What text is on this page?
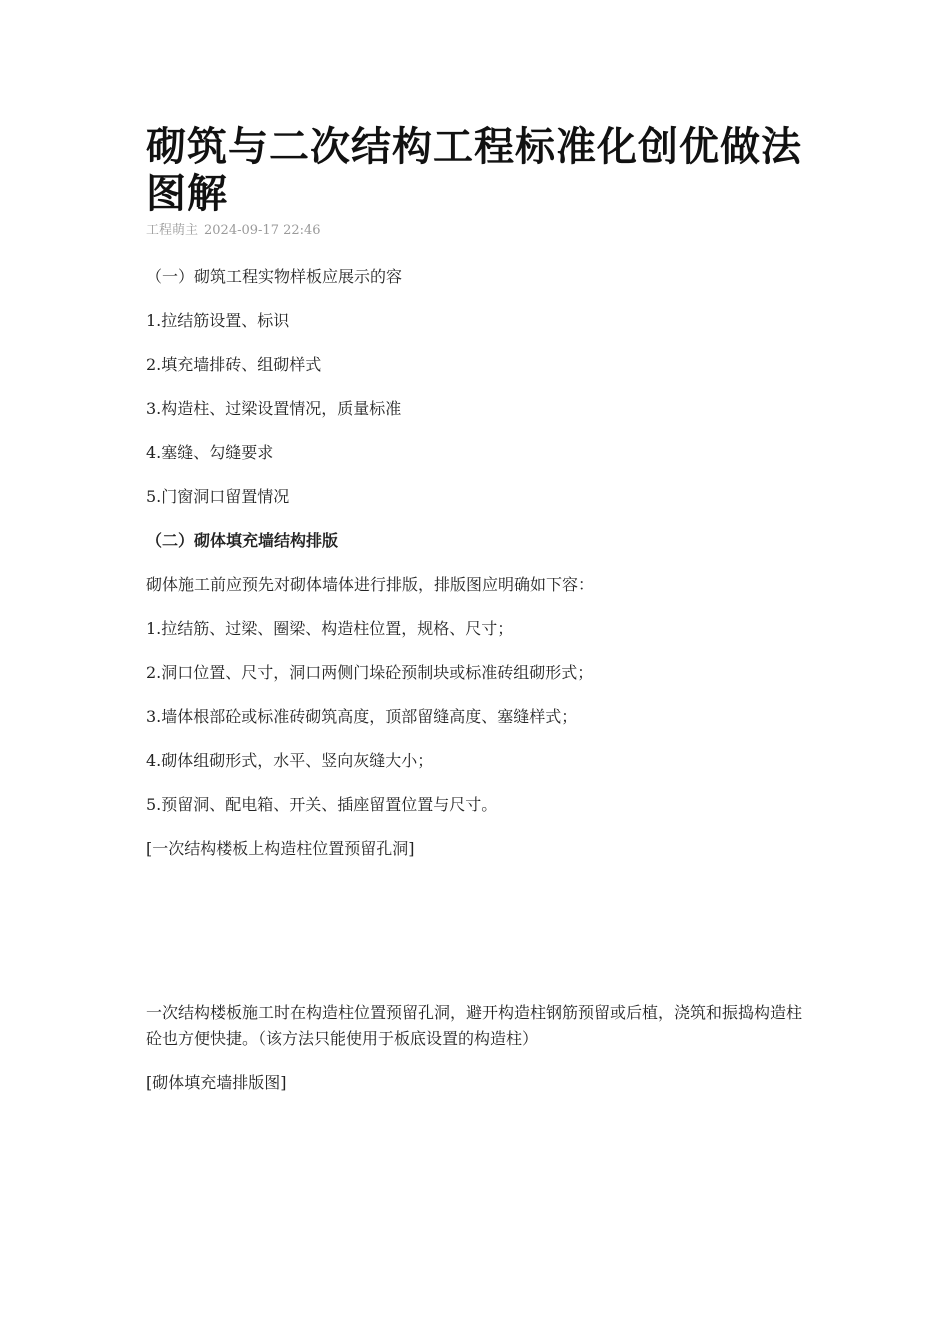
砌筑与二次结构工程标准化创优做法图解
工程萌主 2024-09-17 22:46

（一）砌筑工程实物样板应展示的容

1.拉结筋设置、标识

2.填充墙排砖、组砌样式

3.构造柱、过梁设置情况，质量标准

4.塞缝、勾缝要求

5.门窗洞口留置情况

（二）砌体填充墙结构排版

砌体施工前应预先对砌体墙体进行排版，排版图应明确如下容：

1.拉结筋、过梁、圈梁、构造柱位置，规格、尺寸；

2.洞口位置、尺寸，洞口两侧门垛砼预制块或标准砖组砌形式；

3.墙体根部砼或标准砖砌筑高度，顶部留缝高度、塞缝样式；

4.砌体组砌形式，水平、竖向灰缝大小；

5.预留洞、配电箱、开关、插座留置位置与尺寸。

[一次结构楼板上构造柱位置预留孔洞]

一次结构楼板施工时在构造柱位置预留孔洞，避开构造柱钢筋预留或后植，浇筑和振捣构造柱砼也方便快捷。（该方法只能使用于板底设置的构造柱）

[砌体填充墙排版图]
